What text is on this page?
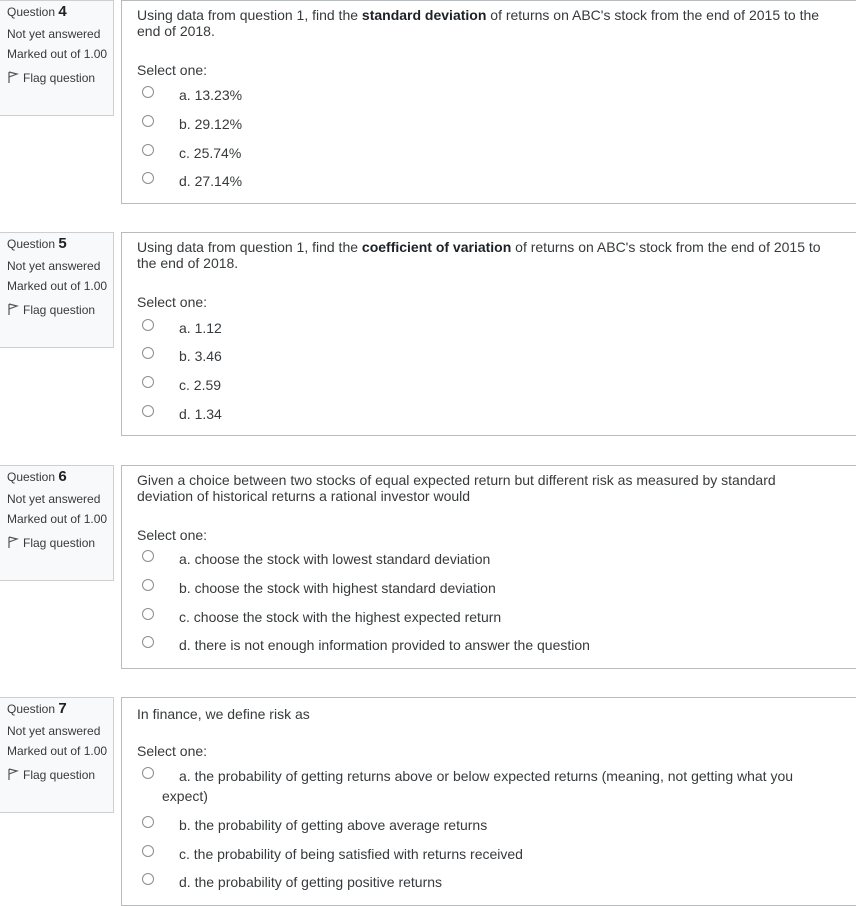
Question 4
Not yet answered
Marked out of 1.00
Flag question
Using data from question 1, find the standard deviation of returns on ABC's stock from the end of 2015 to the end of 2018.
Select one:
a. 13.23%
b. 29.12%
c. 25.74%
d. 27.14%
Question 5
Not yet answered
Marked out of 1.00
Flag question
Using data from question 1, find the coefficient of variation of returns on ABC's stock from the end of 2015 to the end of 2018.
Select one:
a. 1.12
b. 3.46
c. 2.59
d. 1.34
Question 6
Not yet answered
Marked out of 1.00
Flag question
Given a choice between two stocks of equal expected return but different risk as measured by standard deviation of historical returns a rational investor would
Select one:
a. choose the stock with lowest standard deviation
b. choose the stock with highest standard deviation
c. choose the stock with the highest expected return
d. there is not enough information provided to answer the question
Question 7
Not yet answered
Marked out of 1.00
Flag question
In finance, we define risk as
Select one:
a. the probability of getting returns above or below expected returns (meaning, not getting what you expect)
b. the probability of getting above average returns
c. the probability of being satisfied with returns received
d. the probability of getting positive returns
